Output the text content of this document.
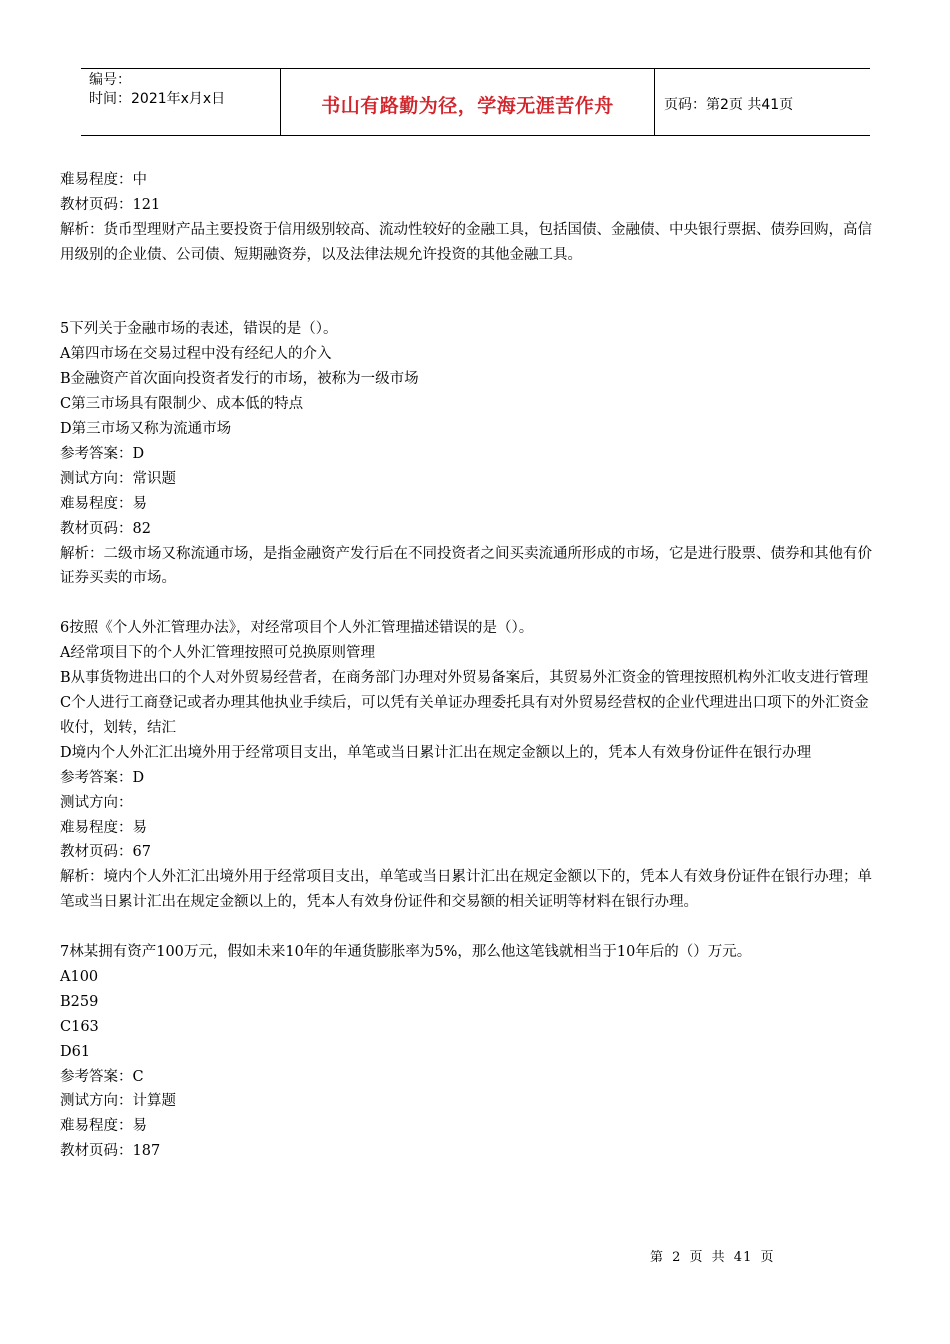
编号：
时间：2021年x月x日	书山有路勤为径，学海无涯苦作舟	页码：第2页 共41页

难易程度：中

教材页码：121

解析：货币型理财产品主要投资于信用级别较高、流动性较好的金融工具，包括国债、金融债、中央银行票据、债券回购，高信用级别的企业债、公司债、短期融资券，以及法律法规允许投资的其他金融工具。

5下列关于金融市场的表述，错误的是（）。

A第四市场在交易过程中没有经纪人的介入

B金融资产首次面向投资者发行的市场，被称为一级市场

C第三市场具有限制少、成本低的特点

D第三市场又称为流通市场

参考答案：D

测试方向：常识题

难易程度：易

教材页码：82

解析：二级市场又称流通市场，是指金融资产发行后在不同投资者之间买卖流通所形成的市场，它是进行股票、债券和其他有价证券买卖的市场。

6按照《个人外汇管理办法》，对经常项目个人外汇管理描述错误的是（）。

A经常项目下的个人外汇管理按照可兑换原则管理

B从事货物进出口的个人对外贸易经营者，在商务部门办理对外贸易备案后，其贸易外汇资金的管理按照机构外汇收支进行管理

C个人进行工商登记或者办理其他执业手续后，可以凭有关单证办理委托具有对外贸易经营权的企业代理进出口项下的外汇资金收付，划转，结汇

D境内个人外汇汇出境外用于经常项目支出，单笔或当日累计汇出在规定金额以上的，凭本人有效身份证件在银行办理

参考答案：D

测试方向：

难易程度：易

教材页码：67

解析：境内个人外汇汇出境外用于经常项目支出，单笔或当日累计汇出在规定金额以下的，凭本人有效身份证件在银行办理；单笔或当日累计汇出在规定金额以上的，凭本人有效身份证件和交易额的相关证明等材料在银行办理。

7林某拥有资产100万元，假如未来10年的年通货膨胀率为5%，那么他这笔钱就相当于10年后的（）万元。

A100

B259

C163

D61

参考答案：C

测试方向：计算题

难易程度：易

教材页码：187

第 2 页 共 41 页
